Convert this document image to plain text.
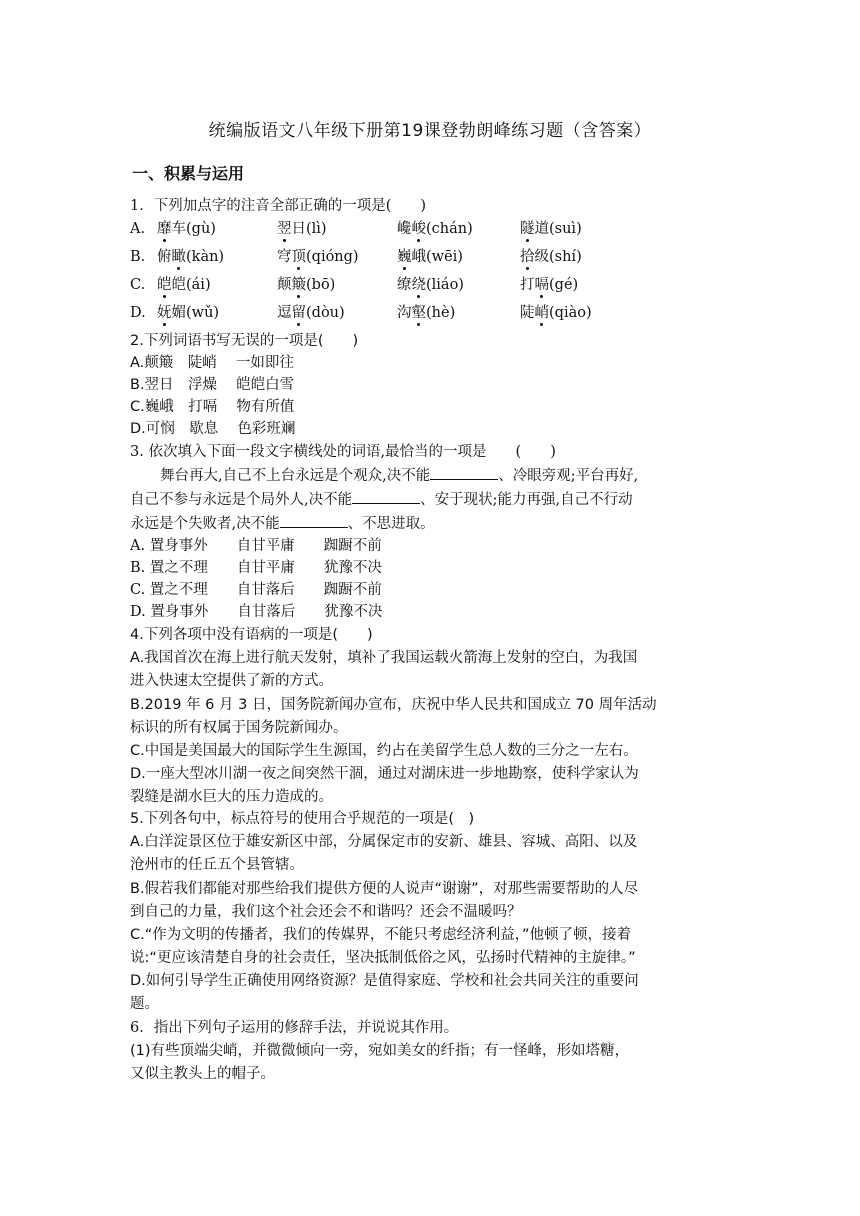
统编版语文八年级下册第19课登勃朗峰练习题（含答案）
一、积累与运用
1．下列加点字的注音全部正确的一项是(　　)
A. 靡车(gù)	翌日(lì)	巉峻(chán)	隧道(suì)
B. 俯瞰(kàn)	穹顶(qióng)	巍峨(wēi)	拾级(shí)
C. 皑皑(ái)	颠簸(bō)	缭绕(liáo)	打嗝(gé)
D. 妩媚(wǔ)	逗留(dòu)	沟壑(hè)	陡峭(qiào)
2.下列词语书写无误的一项是(　　)
A.颠簸　陡峭　 一如即往
B.翌日　浮燥　 皑皑白雪
C.巍峨　打嗝　 物有所值
D.可悯　歇息　 色彩班斓
3. 依次填入下面一段文字横线处的词语,最恰当的一项是　　(　　)
舞台再大,自己不上台永远是个观众,决不能	、冷眼旁观;平台再好,
自己不参与永远是个局外人,决不能	、安于现状;能力再强,自己不行动
永远是个失败者,决不能	、不思进取。
A. 置身事外　　自甘平庸　　踟蹰不前
B. 置之不理　　自甘平庸　　犹豫不决
C. 置之不理　　自甘落后　　踟蹰不前
D. 置身事外　　自甘落后　　犹豫不决
4.下列各项中没有语病的一项是(　　)
A.我国首次在海上进行航天发射，填补了我国运载火箭海上发射的空白，为我国
进入快速太空提供了新的方式。
B.2019 年 6 月 3 日，国务院新闻办宣布，庆祝中华人民共和国成立 70 周年活动
标识的所有权属于国务院新闻办。
C.中国是美国最大的国际学生生源国，约占在美留学生总人数的三分之一左右。
D.一座大型冰川湖一夜之间突然干涸，通过对湖床进一步地勘察，使科学家认为
裂缝是湖水巨大的压力造成的。
5.下列各句中，标点符号的使用合乎规范的一项是(　)
A.白洋淀景区位于雄安新区中部，分属保定市的安新、雄县、容城、高阳、以及
沧州市的任丘五个县管辖。
B.假若我们都能对那些给我们提供方便的人说声“谢谢”，对那些需要帮助的人尽
到自己的力量，我们这个社会还会不和谐吗？还会不温暖吗？
C.“作为文明的传播者，我们的传媒界，不能只考虑经济利益，”他顿了顿，接着
说:“更应该清楚自身的社会责任，坚决抵制低俗之风，弘扬时代精神的主旋律。”
D.如何引导学生正确使用网络资源？是值得家庭、学校和社会共同关注的重要问
题。
6．指出下列句子运用的修辞手法，并说说其作用。
(1)有些顶端尖峭，并微微倾向一旁，宛如美女的纤指；有一怪峰，形如塔糖，
又似主教头上的帽子。
